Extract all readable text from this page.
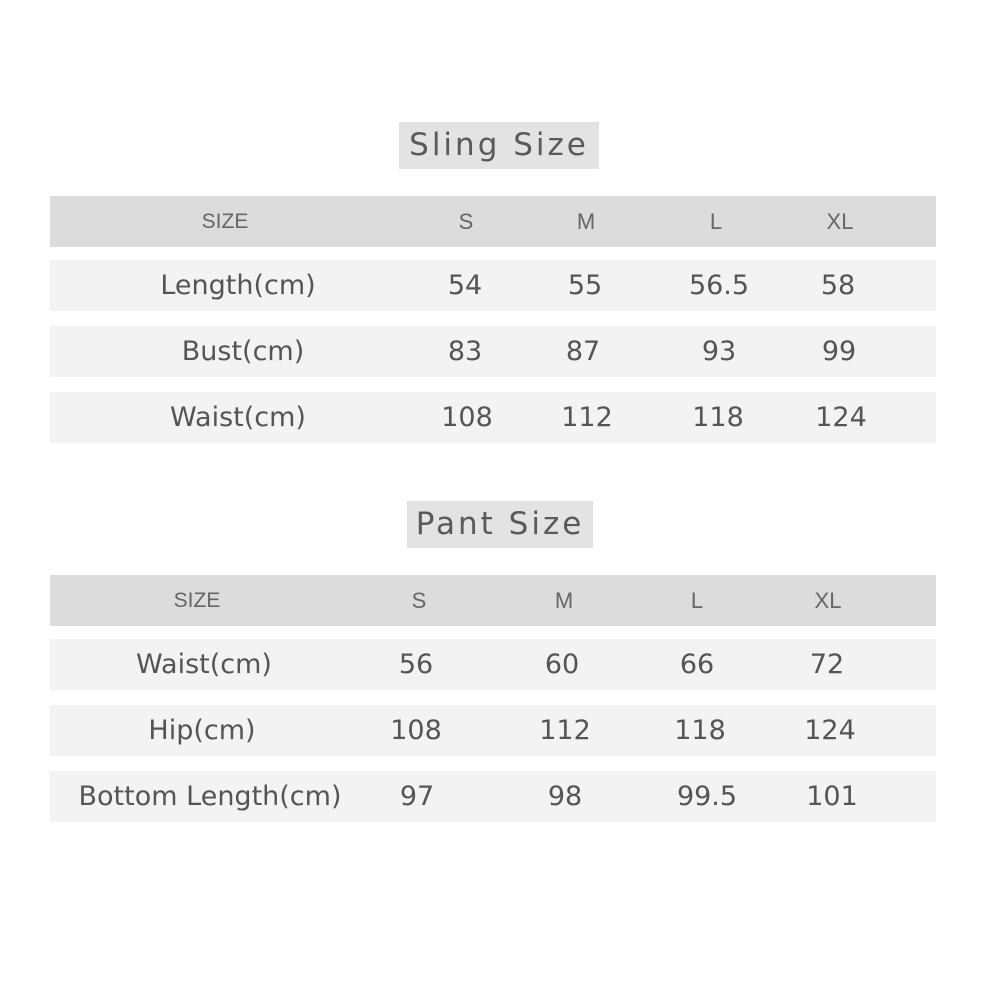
Sling Size
SIZE	S	M	L	XL
Length(cm)	54	55	56.5	58
Bust(cm)	83	87	93	99
Waist(cm)	108	112	118	124
Pant Size
SIZE	S	M	L	XL
Waist(cm)	56	60	66	72
Hip(cm)	108	112	118	124
Bottom Length(cm) 97	98	99.5	101
